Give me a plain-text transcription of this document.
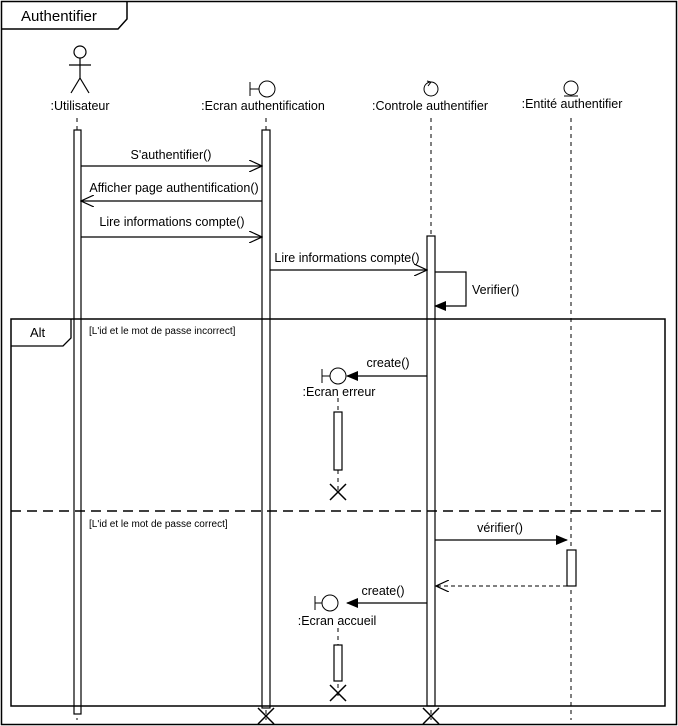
Authentifier
:Utilisateur	:Ecran authentification	:Controle authentifier	:Entité authentifier
S'authentifier()
Afficher page authentification()
Lire informations compte()
Lire informations compte()
Verifier()
Alt	[L'id et le mot de passe incorrect]
[L'id et le mot de passe correct]
create()
:Ecran erreur
vérifier()
create()
:Ecran accueil
